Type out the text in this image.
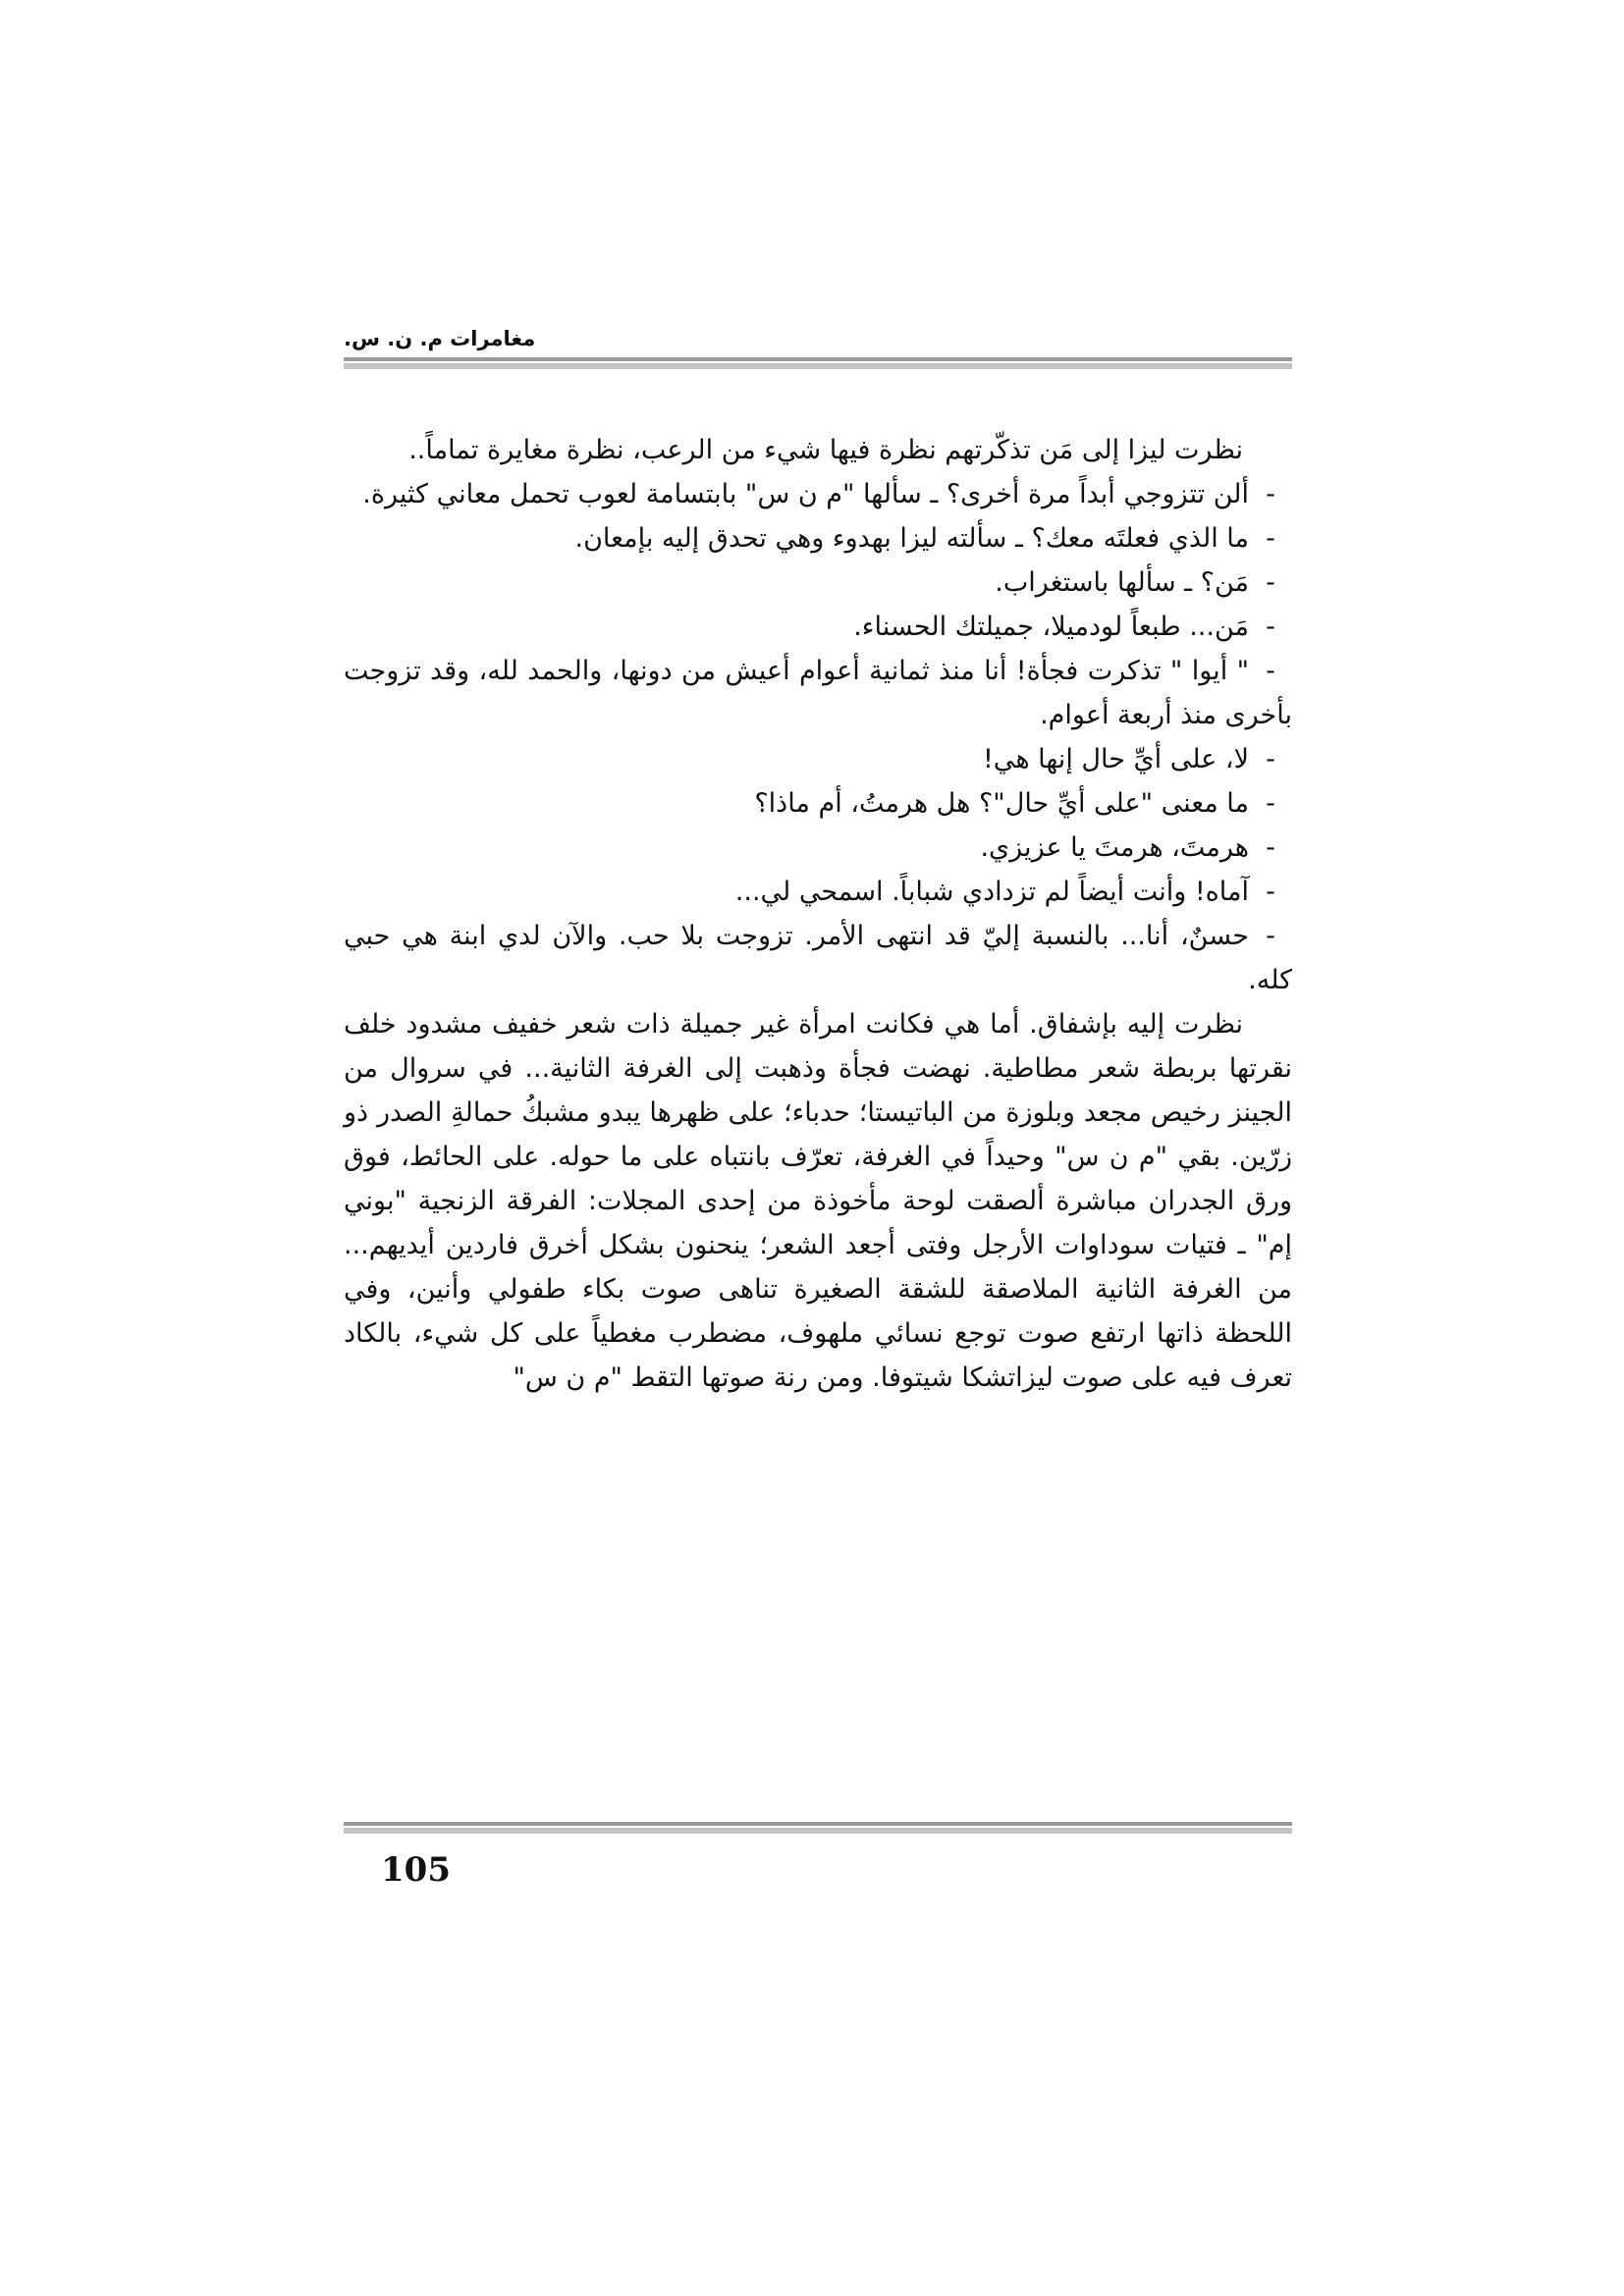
مغامرات م. ن. س.

نظرت ليزا إلى مَن تذكّرتهم نظرة فيها شيء من الرعب، نظرة مغايرة تماماً..

-ألن تتزوجي أبداً مرة أخرى؟ ـ سألها "م ن س" بابتسامة لعوب تحمل معاني كثيرة.

-ما الذي فعلتَه معك؟ ـ سألته ليزا بهدوء وهي تحدق إليه بإمعان.

-مَن؟ ـ سألها باستغراب.

-مَن... طبعاً لودميلا، جميلتك الحسناء.

-" أيوا " تذكرت فجأة! أنا منذ ثمانية أعوام أعيش من دونها، والحمد لله، وقد تزوجت بأخرى منذ أربعة أعوام.

-لا، على أيِّ حال إنها هي!

-ما معنى "على أيِّ حال"؟ هل هرمتُ، أم ماذا؟

-هرمتَ، هرمتَ يا عزيزي.

-آماه! وأنت أيضاً لم تزدادي شباباً. اسمحي لي...

-حسنٌ، أنا... بالنسبة إليّ قد انتهى الأمر. تزوجت بلا حب. والآن لدي ابنة هي حبي كله.

نظرت إليه بإشفاق. أما هي فكانت امرأة غير جميلة ذات شعر خفيف مشدود خلف نقرتها بربطة شعر مطاطية. نهضت فجأة وذهبت إلى الغرفة الثانية... في سروال من الجينز رخيص مجعد وبلوزة من الباتيستا؛ حدباء؛ على ظهرها يبدو مشبكُ حمالةِ الصدر ذو زرّين. بقي "م ن س" وحيداً في الغرفة، تعرّف بانتباه على ما حوله. على الحائط، فوق ورق الجدران مباشرة ألصقت لوحة مأخوذة من إحدى المجلات: الفرقة الزنجية "بوني إم" ـ فتيات سوداوات الأرجل وفتى أجعد الشعر؛ ينحنون بشكل أخرق فاردين أيديهم... من الغرفة الثانية الملاصقة للشقة الصغيرة تناهى صوت بكاء طفولي وأنين، وفي اللحظة ذاتها ارتفع صوت توجع نسائي ملهوف، مضطرب مغطياً على كل شيء، بالكاد تعرف فيه على صوت ليزاتشكا شيتوفا. ومن رنة صوتها التقط "م ن س"

105
